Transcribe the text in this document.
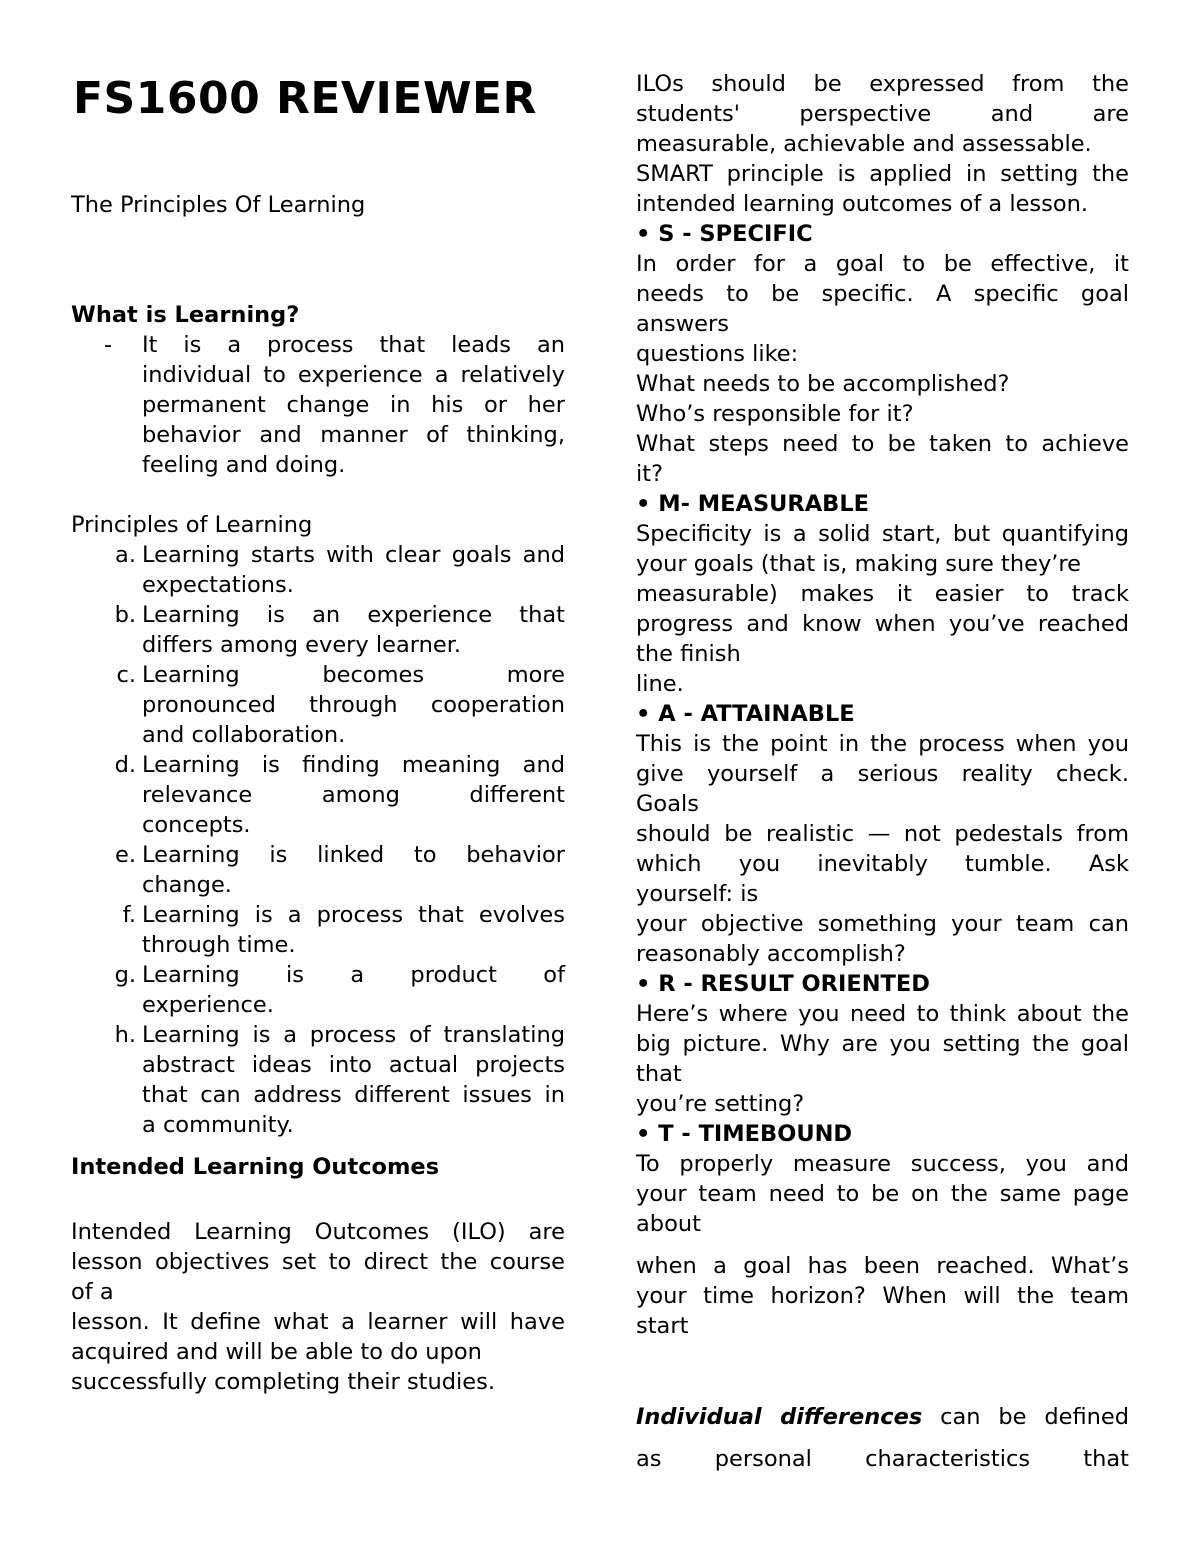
FS1600 REVIEWER
The Principles Of Learning
What is Learning?
- It is a process that leads an
individual to experience a relatively
permanent change in his or her
behavior and manner of thinking,
feeling and doing.
Principles of Learning
a. Learning starts with clear goals and
expectations.
b. Learning is an experience that
differs among every learner.
c. Learning becomes more
pronounced through cooperation
and collaboration.
d. Learning is finding meaning and
relevance among different
concepts.
e. Learning is linked to behavior
change.
f. Learning is a process that evolves
through time.
g. Learning is a product of
experience.
h. Learning is a process of translating
abstract ideas into actual projects
that can address different issues in
a community.
Intended Learning Outcomes
Intended Learning Outcomes (ILO) are
lesson objectives set to direct the course
of a
lesson. It define what a learner will have
acquired and will be able to do upon
successfully completing their studies.
ILOs should be expressed from the
students' perspective and are
measurable, achievable and assessable.
SMART principle is applied in setting the
intended learning outcomes of a lesson.
• S - SPECIFIC
In order for a goal to be effective, it
needs to be specific. A specific goal
answers
questions like:
What needs to be accomplished?
Who’s responsible for it?
What steps need to be taken to achieve
it?
• M- MEASURABLE
Specificity is a solid start, but quantifying
your goals (that is, making sure they’re
measurable) makes it easier to track
progress and know when you’ve reached
the finish
line.
• A - ATTAINABLE
This is the point in the process when you
give yourself a serious reality check.
Goals
should be realistic — not pedestals from
which you inevitably tumble. Ask
yourself: is
your objective something your team can
reasonably accomplish?
• R - RESULT ORIENTED
Here’s where you need to think about the
big picture. Why are you setting the goal
that
you’re setting?
• T - TIMEBOUND
To properly measure success, you and
your team need to be on the same page
about
when a goal has been reached. What’s
your time horizon? When will the team
start
Individual differences can be defined
as personal characteristics that
